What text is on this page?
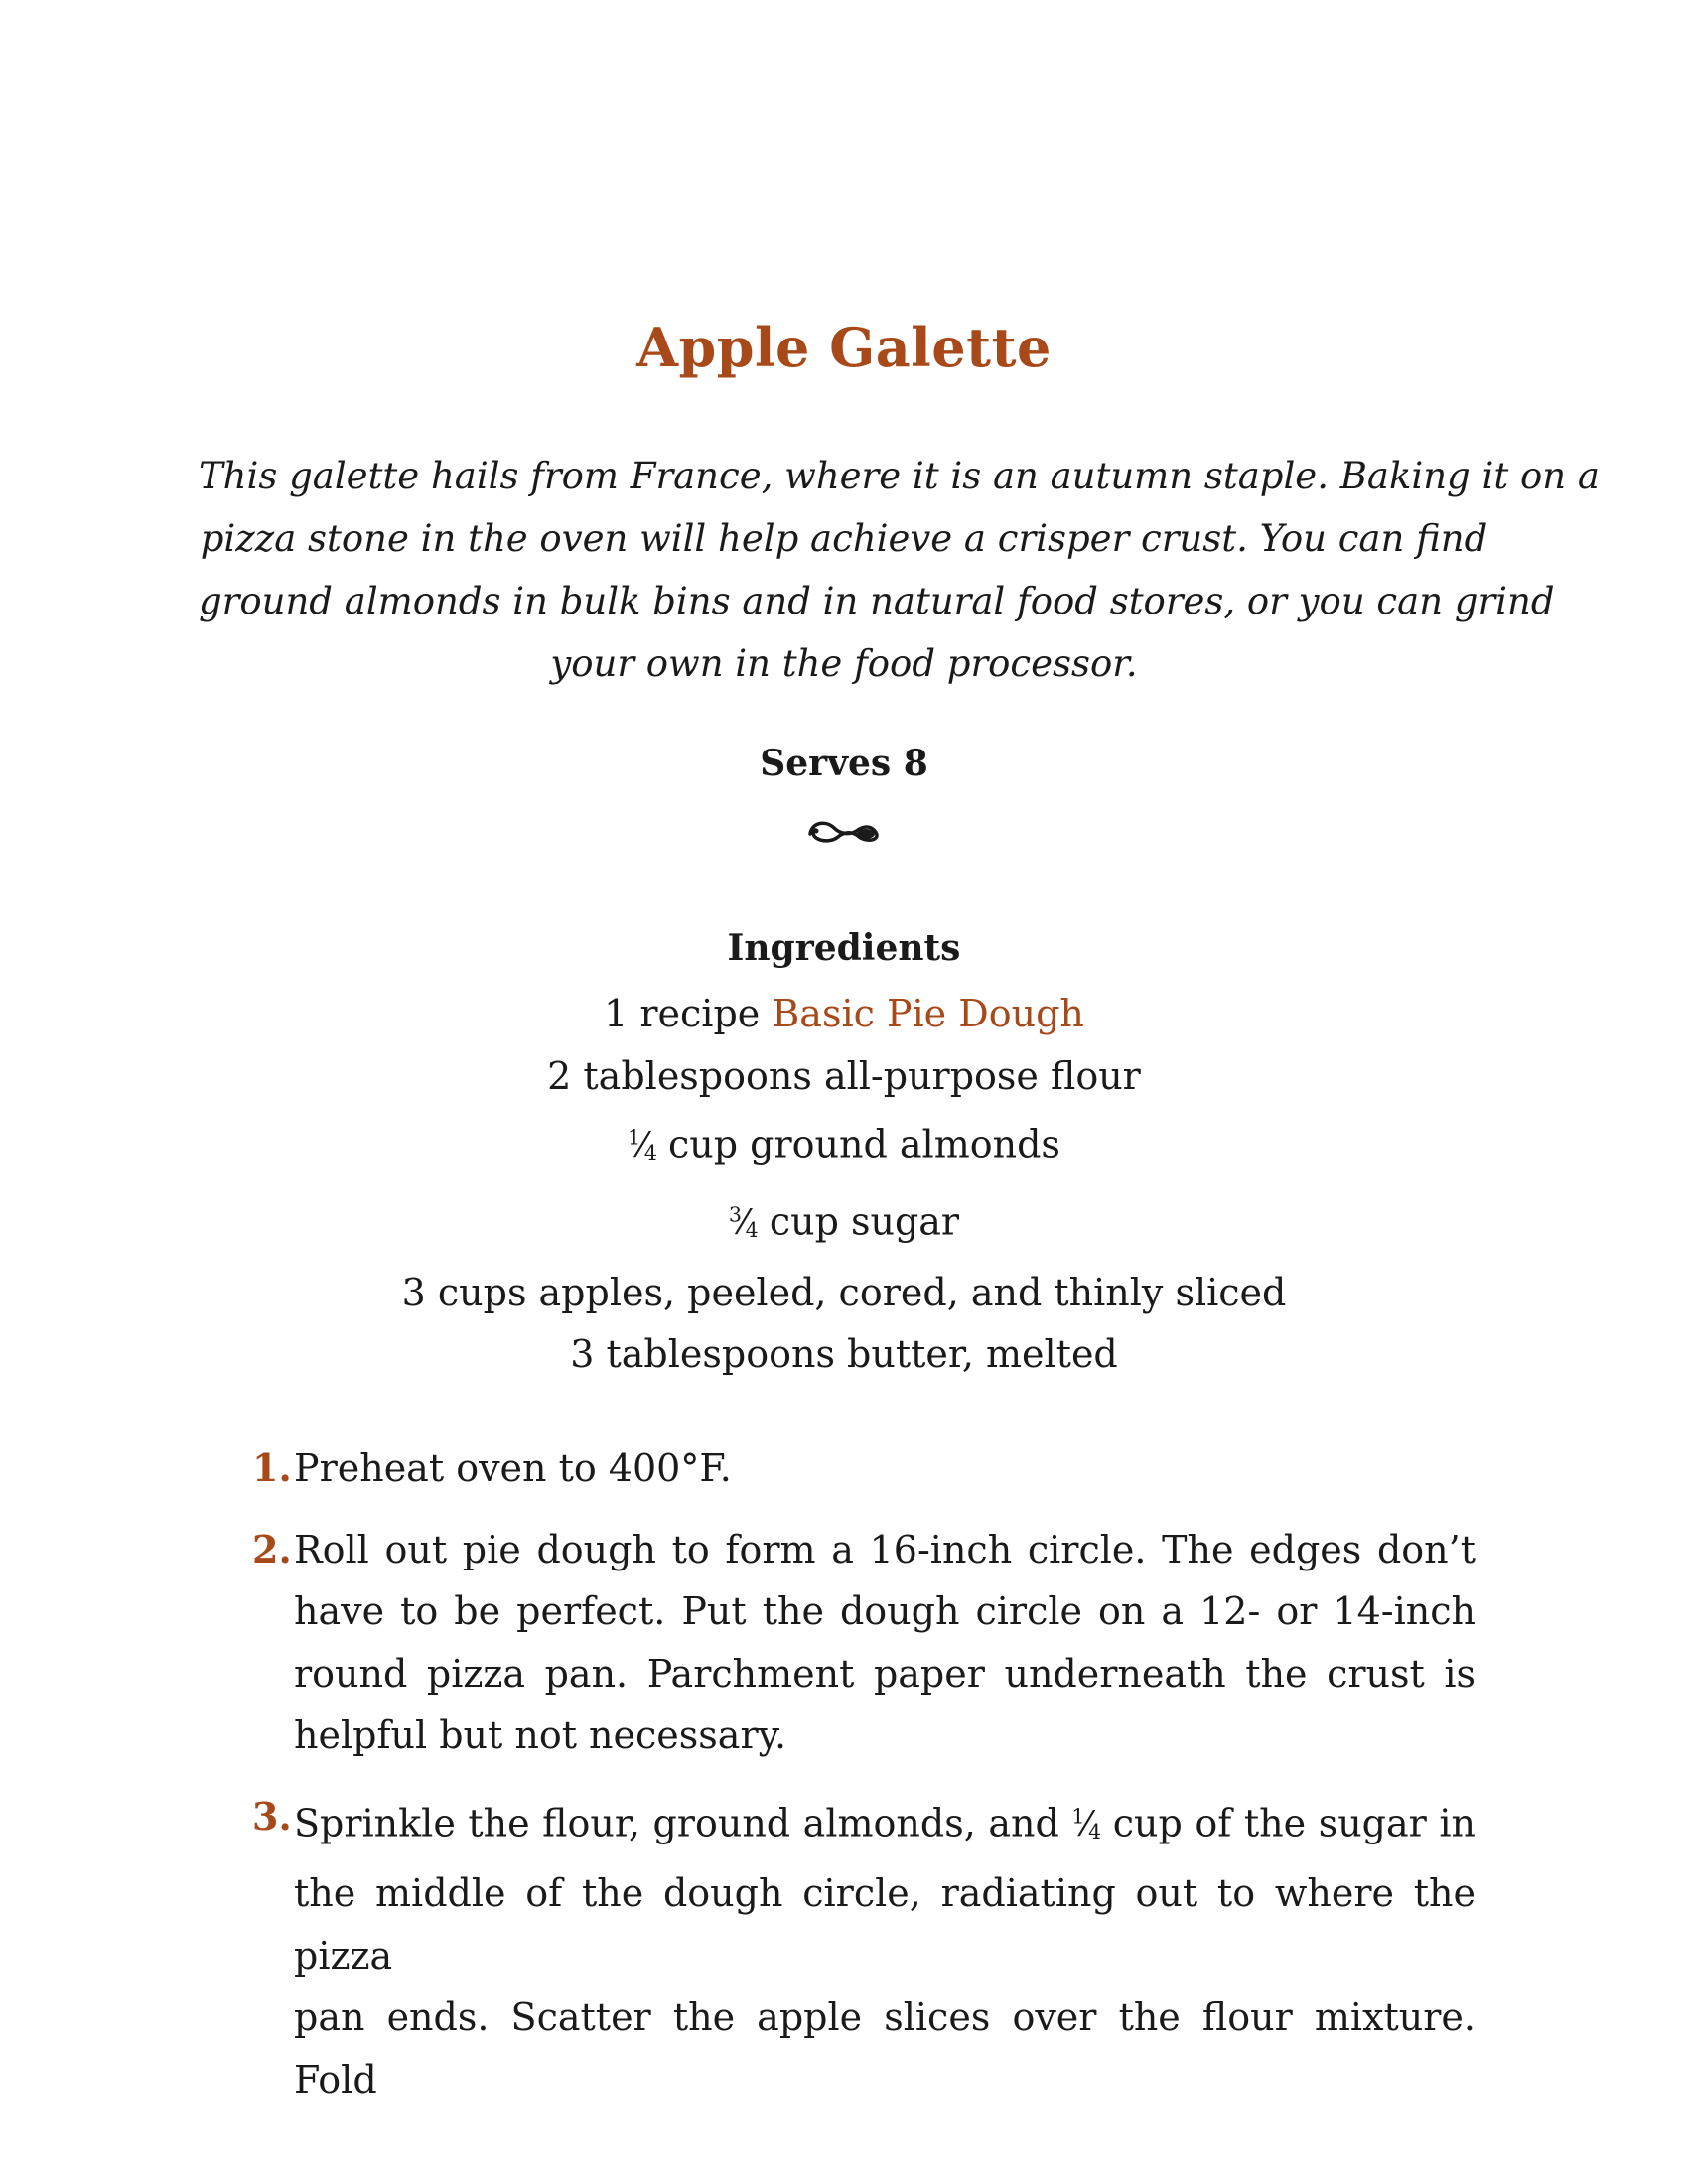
Apple Galette

This galette hails from France, where it is an autumn staple. Baking it on a
pizza stone in the oven will help achieve a crisper crust. You can find
ground almonds in bulk bins and in natural food stores, or you can grind
your own in the food processor.

Serves 8
Ingredients
1 recipe Basic Pie Dough
2 tablespoons all-purpose flour
$^1⁄_4$ cup ground almonds
$^3⁄_4$ cup sugar
3 cups apples, peeled, cored, and thinly sliced
3 tablespoons butter, melted
1. Preheat oven to 400°F.
2. Roll out pie dough to form a 16-inch circle. The edges don’t
have to be perfect. Put the dough circle on a 12- or 14-inch
round pizza pan. Parchment paper underneath the crust is
helpful but not necessary.
3. Sprinkle the flour, ground almonds, and $^1⁄_4$ cup of the sugar in
the middle of the dough circle, radiating out to where the pizza
pan ends. Scatter the apple slices over the flour mixture. Fold
